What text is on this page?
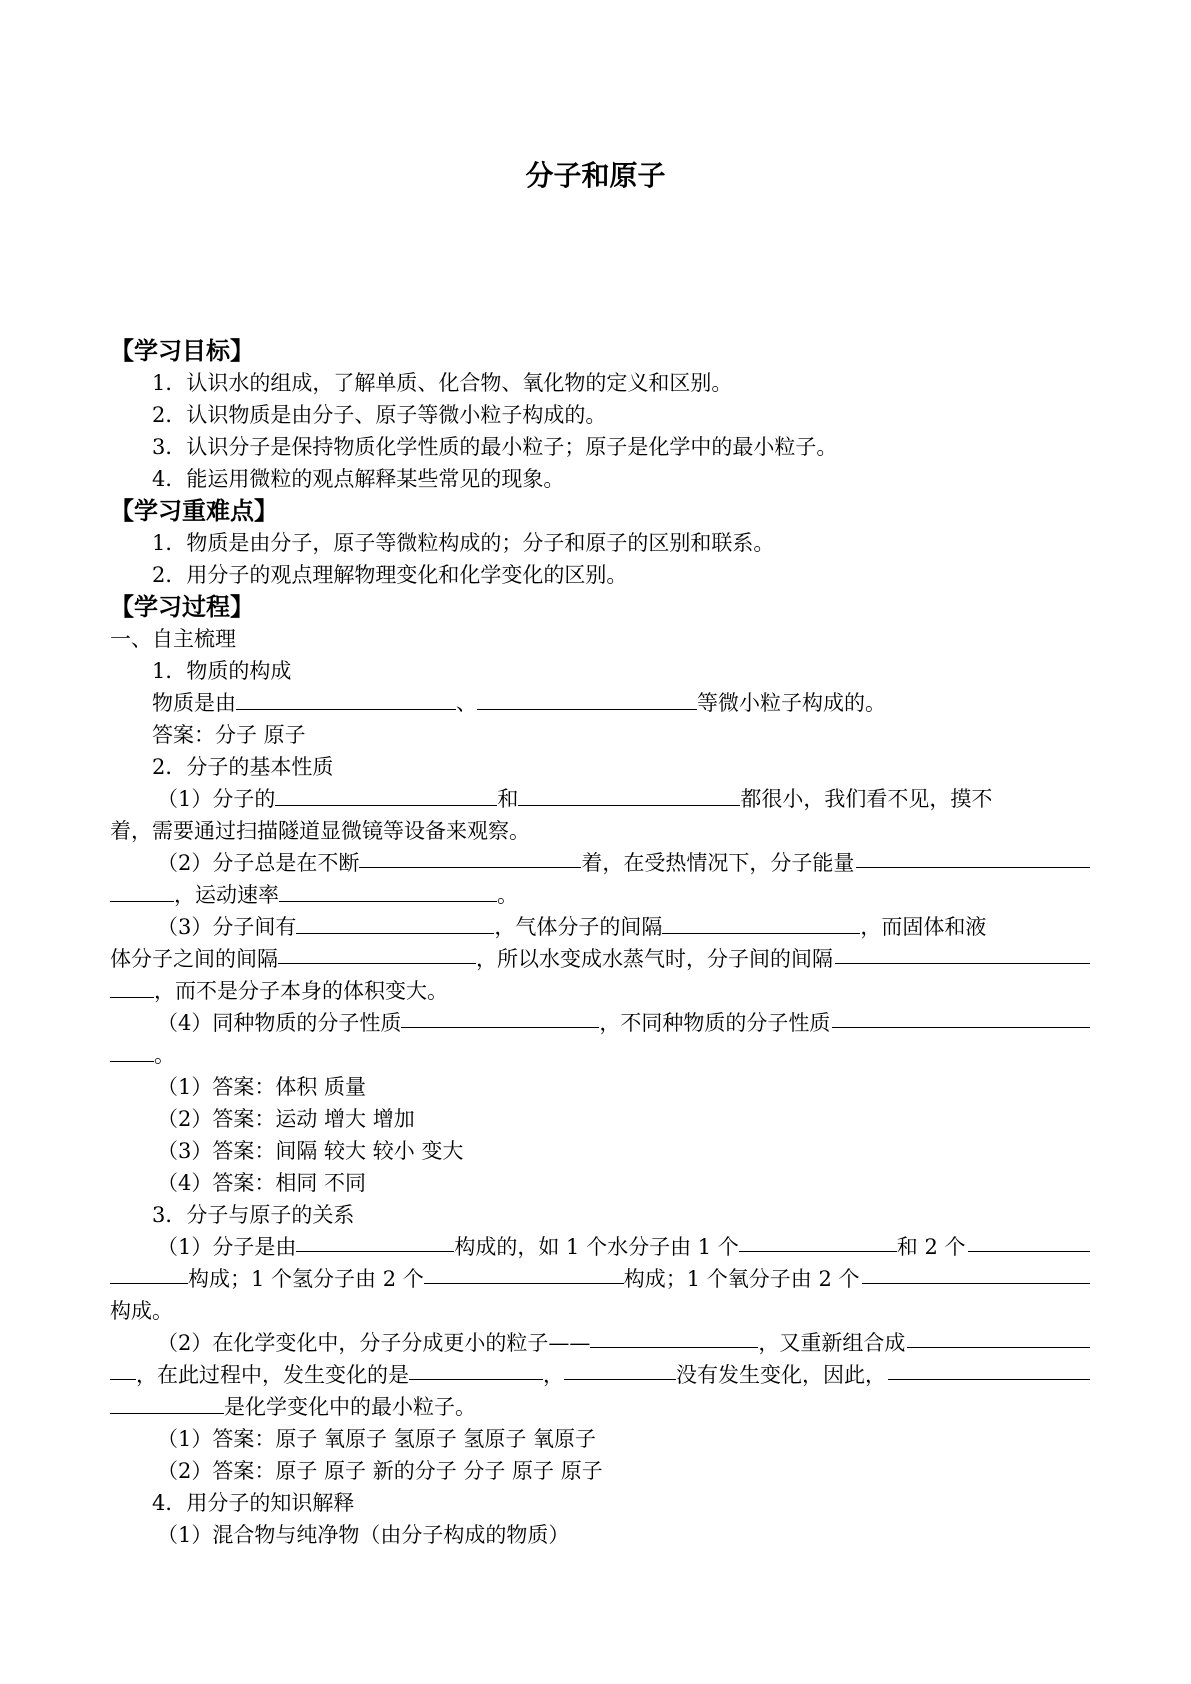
分子和原子
【学习目标】
1．认识水的组成，了解单质、化合物、氧化物的定义和区别。
2．认识物质是由分子、原子等微小粒子构成的。
3．认识分子是保持物质化学性质的最小粒子；原子是化学中的最小粒子。
4．能运用微粒的观点解释某些常见的现象。
【学习重难点】
1．物质是由分子，原子等微粒构成的；分子和原子的区别和联系。
2．用分子的观点理解物理变化和化学变化的区别。
【学习过程】
一、自主梳理
1．物质的构成
物质是由	、	等微小粒子构成的。
答案：分子 原子
2．分子的基本性质
（1）分子的	和	都很小，我们看不见，摸不
着，需要通过扫描隧道显微镜等设备来观察。
（2）分子总是在不断	着，在受热情况下，分子能量
，运动速率	。
（3）分子间有	，气体分子的间隔	，而固体和液
体分子之间的间隔	，所以水变成水蒸气时，分子间的间隔
，而不是分子本身的体积变大。
（4）同种物质的分子性质	，不同种物质的分子性质
。
（1）答案：体积 质量
（2）答案：运动 增大 增加
（3）答案：间隔 较大 较小 变大
（4）答案：相同 不同
3．分子与原子的关系
（1）分子是由	构成的，如 1 个水分子由 1 个	和 2 个
构成；1 个氢分子由 2 个	构成；1 个氧分子由 2 个
构成。
（2）在化学变化中，分子分成更小的粒子——	，又重新组合成
，在此过程中，发生变化的是	，	没有发生变化，因此，
是化学变化中的最小粒子。
（1）答案：原子 氧原子 氢原子 氢原子 氧原子
（2）答案：原子 原子 新的分子 分子 原子 原子
4．用分子的知识解释
（1）混合物与纯净物（由分子构成的物质）
